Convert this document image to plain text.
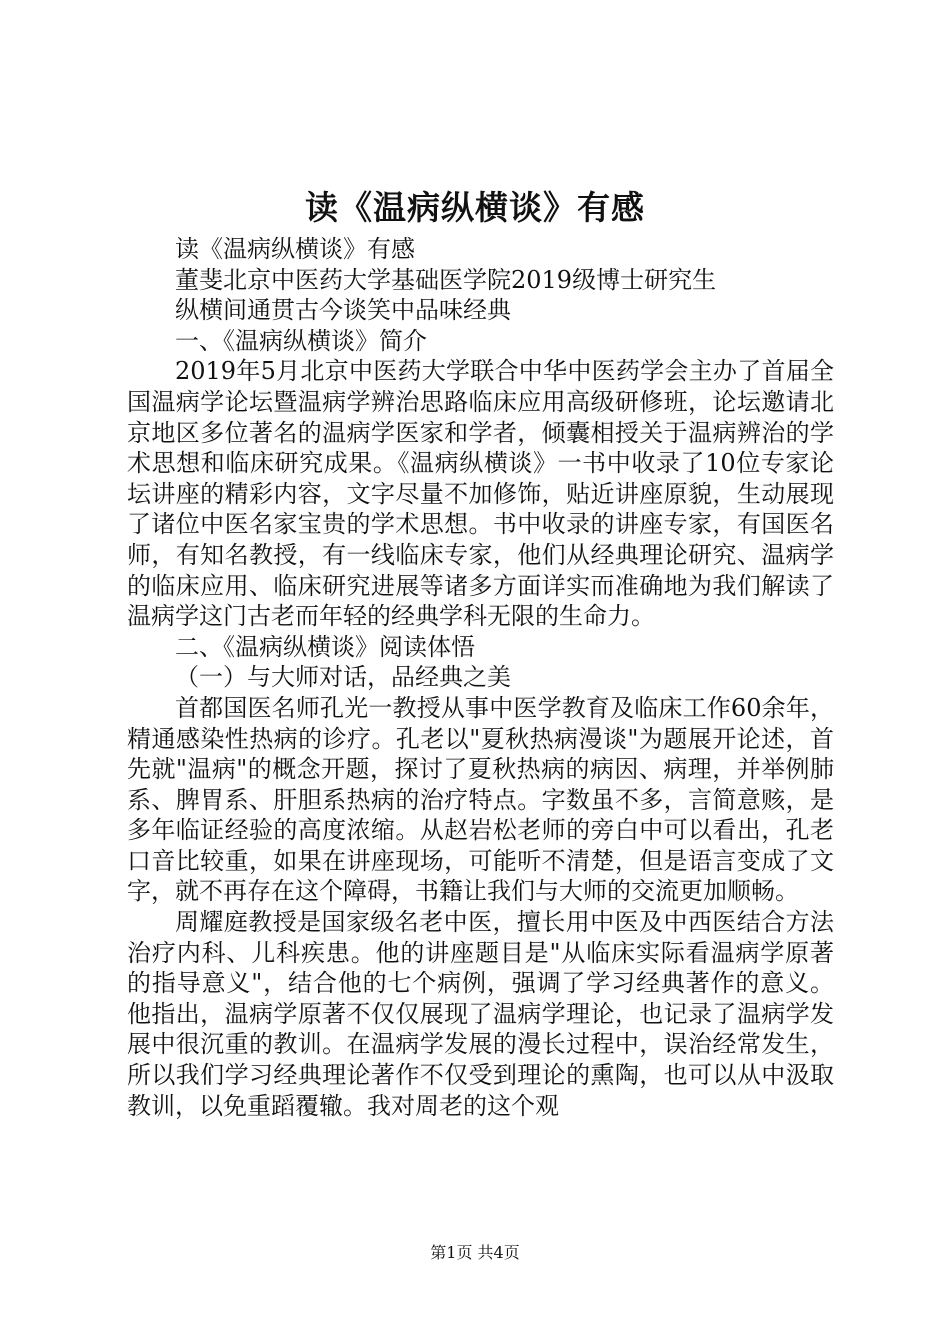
读《温病纵横谈》有感

读《温病纵横谈》有感

董斐北京中医药大学基础医学院2019级博士研究生

纵横间通贯古今谈笑中品味经典

一、《温病纵横谈》简介

2019年5月北京中医药大学联合中华中医药学会主办了首届全国温病学论坛暨温病学辨治思路临床应用高级研修班，论坛邀请北京地区多位著名的温病学医家和学者，倾囊相授关于温病辨治的学术思想和临床研究成果。《温病纵横谈》一书中收录了10位专家论坛讲座的精彩内容，文字尽量不加修饰，贴近讲座原貌，生动展现了诸位中医名家宝贵的学术思想。书中收录的讲座专家，有国医名师，有知名教授，有一线临床专家，他们从经典理论研究、温病学的临床应用、临床研究进展等诸多方面详实而准确地为我们解读了温病学这门古老而年轻的经典学科无限的生命力。

二、《温病纵横谈》阅读体悟

（一）与大师对话，品经典之美

首都国医名师孔光一教授从事中医学教育及临床工作60余年，精通感染性热病的诊疗。孔老以"夏秋热病漫谈"为题展开论述，首先就"温病"的概念开题，探讨了夏秋热病的病因、病理，并举例肺系、脾胃系、肝胆系热病的治疗特点。字数虽不多，言简意赅，是多年临证经验的高度浓缩。从赵岩松老师的旁白中可以看出，孔老口音比较重，如果在讲座现场，可能听不清楚，但是语言变成了文字，就不再存在这个障碍，书籍让我们与大师的交流更加顺畅。

周耀庭教授是国家级名老中医，擅长用中医及中西医结合方法治疗内科、儿科疾患。他的讲座题目是"从临床实际看温病学原著的指导意义"，结合他的七个病例，强调了学习经典著作的意义。他指出，温病学原著不仅仅展现了温病学理论，也记录了温病学发展中很沉重的教训。在温病学发展的漫长过程中，误治经常发生，所以我们学习经典理论著作不仅受到理论的熏陶，也可以从中汲取教训，以免重蹈覆辙。我对周老的这个观

第1页 共4页
